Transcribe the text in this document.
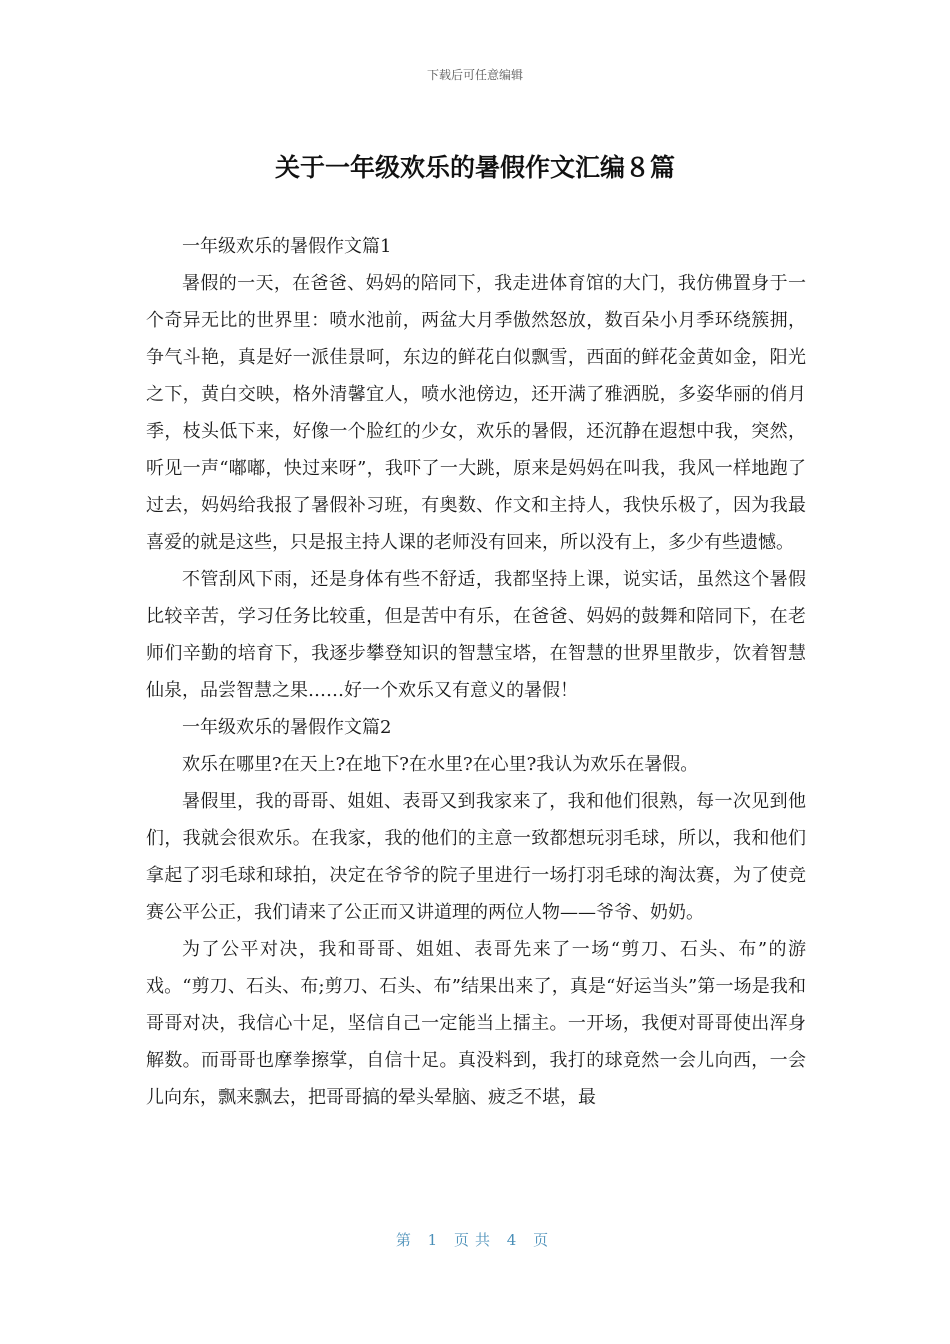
下载后可任意编辑
关于一年级欢乐的暑假作文汇编８篇

一年级欢乐的暑假作文篇1

暑假的一天，在爸爸、妈妈的陪同下，我走进体育馆的大门，我仿佛置身于一个奇异无比的世界里：喷水池前，两盆大月季傲然怒放，数百朵小月季环绕簇拥，争气斗艳，真是好一派佳景呵，东边的鲜花白似飘雪，西面的鲜花金黄如金，阳光之下，黄白交映，格外清馨宜人，喷水池傍边，还开满了雅洒脱，多姿华丽的俏月季，枝头低下来，好像一个脸红的少女，欢乐的暑假，还沉静在遐想中我，突然，听见一声“嘟嘟，快过来呀”，我吓了一大跳，原来是妈妈在叫我，我风一样地跑了过去，妈妈给我报了暑假补习班，有奥数、作文和主持人，我快乐极了，因为我最喜爱的就是这些，只是报主持人课的老师没有回来，所以没有上，多少有些遗憾。

不管刮风下雨，还是身体有些不舒适，我都坚持上课，说实话，虽然这个暑假比较辛苦，学习任务比较重，但是苦中有乐，在爸爸、妈妈的鼓舞和陪同下，在老师们辛勤的培育下，我逐步攀登知识的智慧宝塔，在智慧的世界里散步，饮着智慧仙泉，品尝智慧之果……好一个欢乐又有意义的暑假！

一年级欢乐的暑假作文篇2

欢乐在哪里?在天上?在地下?在水里?在心里?我认为欢乐在暑假。

暑假里，我的哥哥、姐姐、表哥又到我家来了，我和他们很熟，每一次见到他们，我就会很欢乐。在我家，我的他们的主意一致都想玩羽毛球，所以，我和他们拿起了羽毛球和球拍，决定在爷爷的院子里进行一场打羽毛球的淘汰赛，为了使竞赛公平公正，我们请来了公正而又讲道理的两位人物——爷爷、奶奶。

为了公平对决，我和哥哥、姐姐、表哥先来了一场“剪刀、石头、布”的游戏。“剪刀、石头、布;剪刀、石头、布”结果出来了，真是“好运当头”第一场是我和哥哥对决，我信心十足，坚信自己一定能当上擂主。一开场，我便对哥哥使出浑身解数。而哥哥也摩拳擦掌，自信十足。真没料到，我打的球竟然一会儿向西，一会儿向东，飘来飘去，把哥哥搞的晕头晕脑、疲乏不堪，最

第 1 页共 4 页
